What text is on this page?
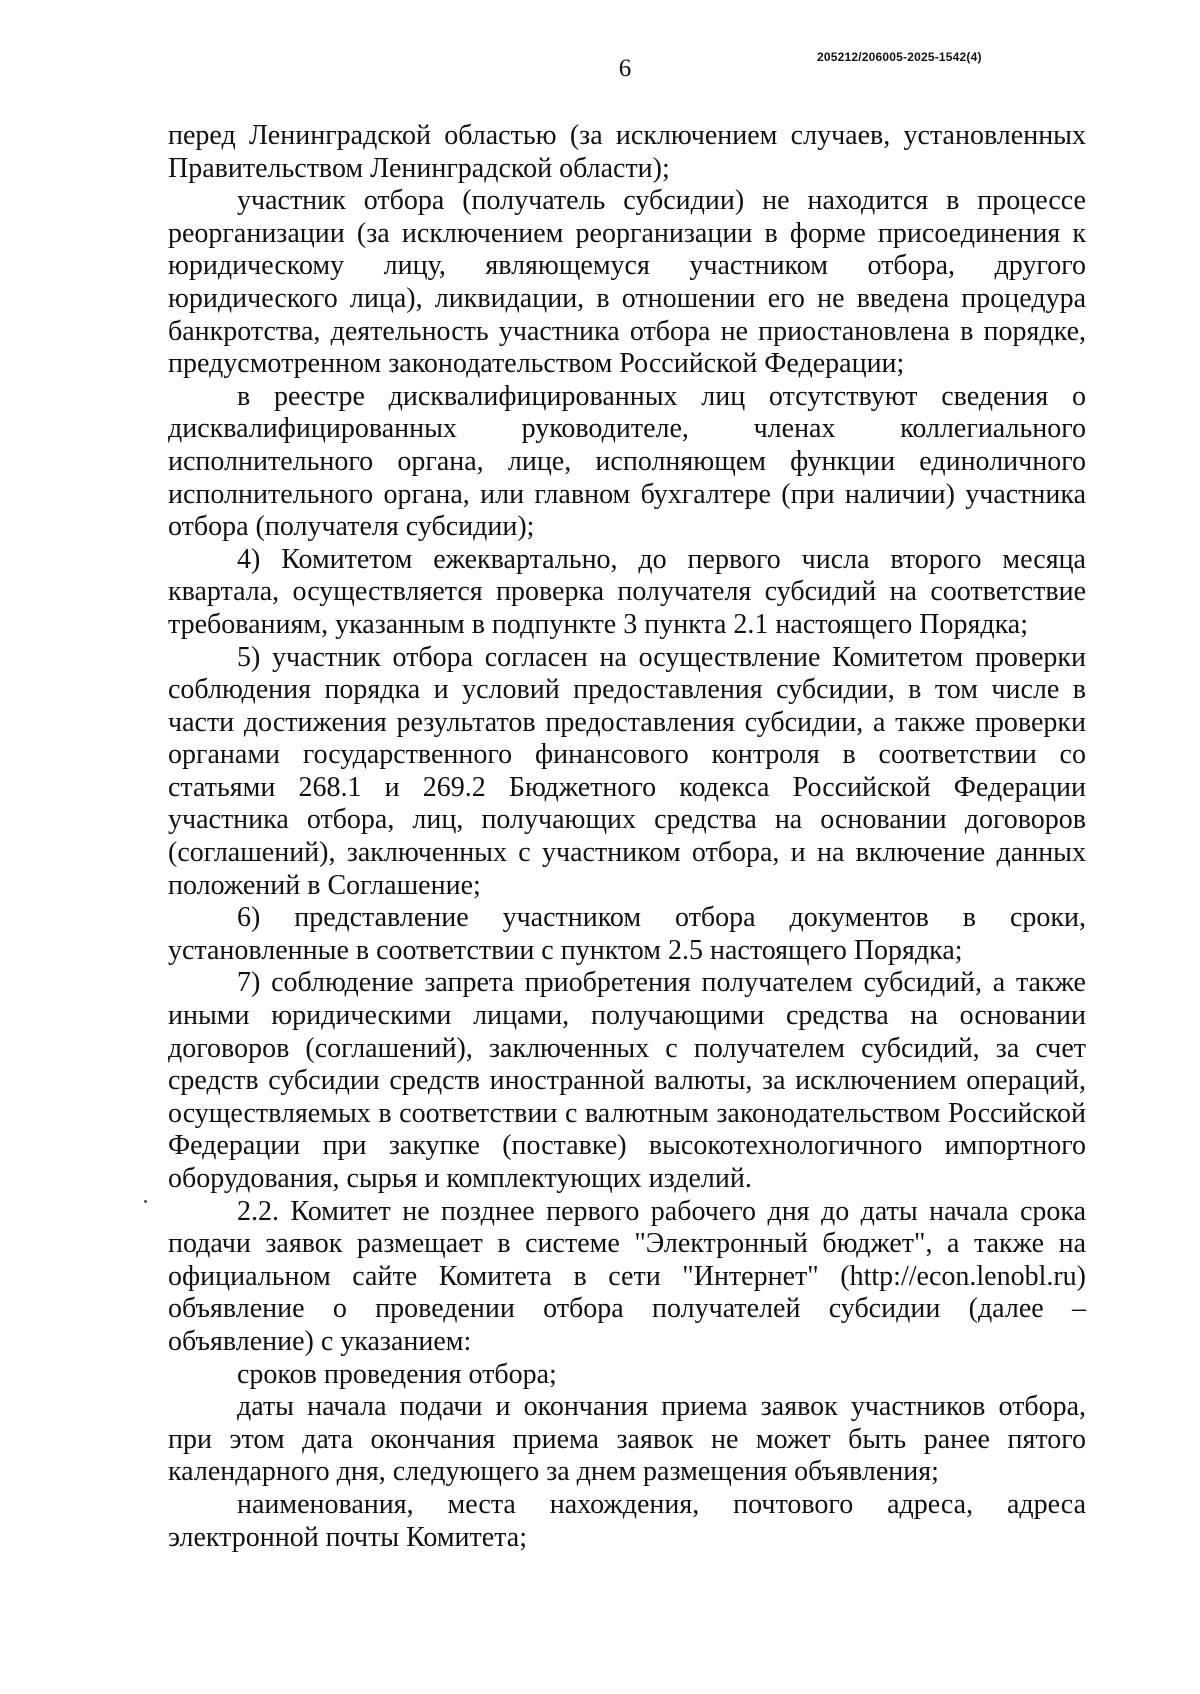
6	205212/206005-2025-1542(4)

перед Ленинградской областью (за исключением случаев, установленных Правительством Ленинградской области);

участник отбора (получатель субсидии) не находится в процессе реорганизации (за исключением реорганизации в форме присоединения к юридическому лицу, являющемуся участником отбора, другого юридического лица), ликвидации, в отношении его не введена процедура банкротства, деятельность участника отбора не приостановлена в порядке, предусмотренном законодательством Российской Федерации;

в реестре дисквалифицированных лиц отсутствуют сведения о дисквалифицированных руководителе, членах коллегиального исполнительного органа, лице, исполняющем функции единоличного исполнительного органа, или главном бухгалтере (при наличии) участника отбора (получателя субсидии);

4) Комитетом ежеквартально, до первого числа второго месяца квартала, осуществляется проверка получателя субсидий на соответствие требованиям, указанным в подпункте 3 пункта 2.1 настоящего Порядка;

5) участник отбора согласен на осуществление Комитетом проверки соблюдения порядка и условий предоставления субсидии, в том числе в части достижения результатов предоставления субсидии, а также проверки органами государственного финансового контроля в соответствии со статьями 268.1 и 269.2 Бюджетного кодекса Российской Федерации участника отбора, лиц, получающих средства на основании договоров (соглашений), заключенных с участником отбора, и на включение данных положений в Соглашение;

6) представление участником отбора документов в сроки, установленные в соответствии с пунктом 2.5 настоящего Порядка;

7) соблюдение запрета приобретения получателем субсидий, а также иными юридическими лицами, получающими средства на основании договоров (соглашений), заключенных с получателем субсидий, за счет средств субсидии средств иностранной валюты, за исключением операций, осуществляемых в соответствии с валютным законодательством Российской Федерации при закупке (поставке) высокотехнологичного импортного оборудования, сырья и комплектующих изделий.

2.2. Комитет не позднее первого рабочего дня до даты начала срока подачи заявок размещает в системе "Электронный бюджет", а также на официальном сайте Комитета в сети "Интернет" (http://econ.lenobl.ru) объявление о проведении отбора получателей субсидии (далее – объявление) с указанием:

сроков проведения отбора;

даты начала подачи и окончания приема заявок участников отбора, при этом дата окончания приема заявок не может быть ранее пятого календарного дня, следующего за днем размещения объявления;

наименования, места нахождения, почтового адреса, адреса электронной почты Комитета;
